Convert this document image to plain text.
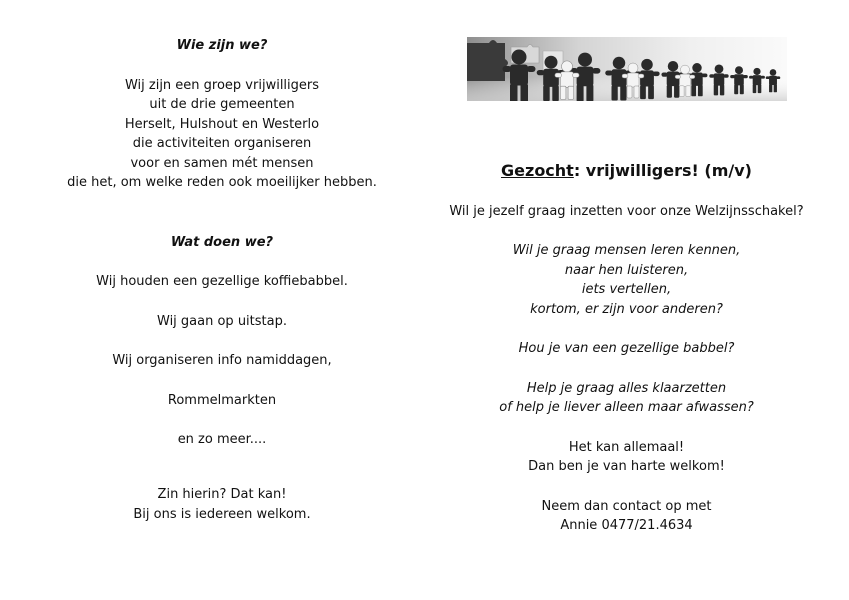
Wie zijn we?
Wij zijn een groep vrijwilligers
uit de drie gemeenten
Herselt, Hulshout en Westerlo
die activiteiten organiseren
voor en samen mét mensen
die het, om welke reden ook moeilijker hebben.
Wat doen we?
Wij houden een gezellige koffiebabbel.
Wij gaan op uitstap.
Wij organiseren info namiddagen,
Rommelmarkten
en zo meer....
Zin hierin? Dat kan!
Bij ons is iedereen welkom.
Gezocht: vrijwilligers! (m/v)
Wil je jezelf graag inzetten voor onze Welzijnsschakel?
Wil je graag mensen leren kennen,
naar hen luisteren,
iets vertellen,
kortom, er zijn voor anderen?
Hou je van een gezellige babbel?
Help je graag alles klaarzetten
of help je liever alleen maar afwassen?
Het kan allemaal!
Dan ben je van harte welkom!
Neem dan contact op met
Annie 0477/21.4634
